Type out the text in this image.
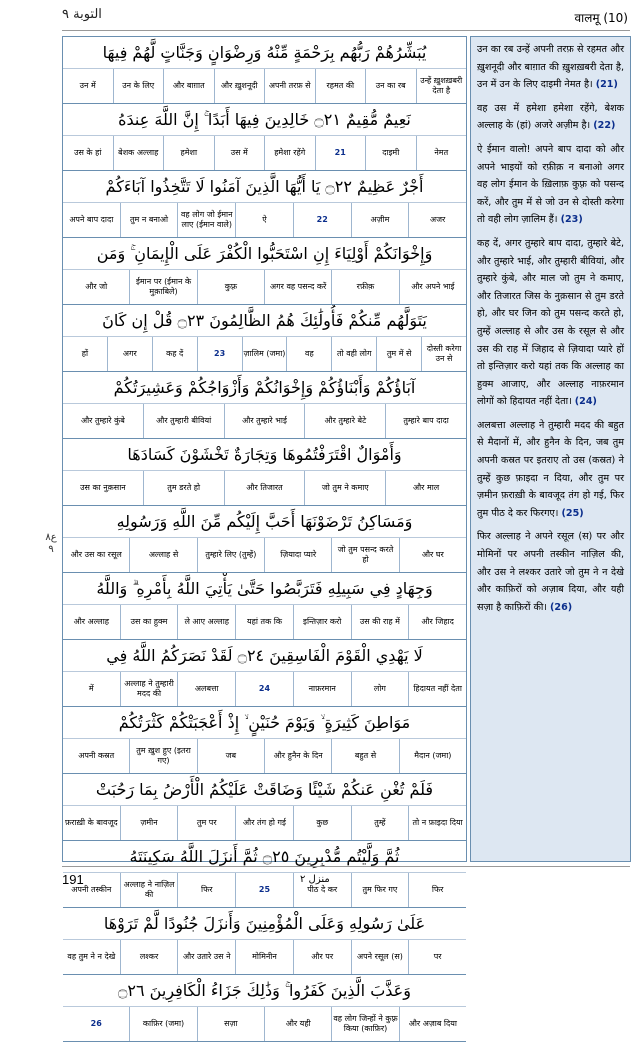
التوبة ٩	वालमू (10)
يُبَشِّرُهُمْ رَبُّهُم بِرَحْمَةٍ مِّنْهُ وَرِضْوَانٍ وَجَنَّاتٍ لَّهُمْ فِيهَا
उन्हें ख़ुशख़बरी देता है
उन का रब
रहमत की
अपनी तरफ़ से
और ख़ुशनूदी
और बाग़ात
उन के लिए
उन में
نَعِيمٌ مُّقِيمٌ ۝٢١ خَالِدِينَ فِيهَا أَبَدًا ۚ إِنَّ اللَّهَ عِندَهُ
नेमत
दाइमी
21
हमेशा रहेंगे
उस में
हमेशा
बेशक अल्लाह
उस के हां
أَجْرٌ عَظِيمٌ ۝٢٢ يَا أَيُّهَا الَّذِينَ آمَنُوا لَا تَتَّخِذُوا آبَاءَكُمْ
अजर
अज़ीम
22
ऐ
वह लोग जो ईमान लाए (ईमान वाले)
तुम न बनाओ
अपने बाप दादा
وَإِخْوَانَكُمْ أَوْلِيَاءَ إِنِ اسْتَحَبُّوا الْكُفْرَ عَلَى الْإِيمَانِ ۚ وَمَن
और अपने भाई
रफ़ीक़
अगर वह पसन्द करें
कुफ़्र
ईमान पर (ईमान के मुक़ाबिले)
और जो
يَتَوَلَّهُم مِّنكُمْ فَأُولَٰئِكَ هُمُ الظَّالِمُونَ ۝٢٣ قُلْ إِن كَانَ
दोस्ती करेगा उन से
तुम में से
तो वही लोग
वह
ज़ालिम (जमा)
23
कह दें
अगर
हों
آبَاؤُكُمْ وَأَبْنَاؤُكُمْ وَإِخْوَانُكُمْ وَأَزْوَاجُكُمْ وَعَشِيرَتُكُمْ
तुम्हारे बाप दादा
और तुम्हारे बेटे
और तुम्हारे भाई
और तुम्हारी बीवियां
और तुम्हारे कुंबे
وَأَمْوَالٌ اقْتَرَفْتُمُوهَا وَتِجَارَةٌ تَخْشَوْنَ كَسَادَهَا
और माल
जो तुम ने कमाए
और तिजारत
तुम डरते हो
उस का नुक़सान
وَمَسَاكِنُ تَرْضَوْنَهَا أَحَبَّ إِلَيْكُم مِّنَ اللَّهِ وَرَسُولِهِ
और घर
जो तुम पसन्द करते हो
ज़ियादा प्यारे
तुम्हारे लिए (तुम्हें)
अल्लाह से
और उस का रसूल
وَجِهَادٍ فِي سَبِيلِهِ فَتَرَبَّصُوا حَتَّىٰ يَأْتِيَ اللَّهُ بِأَمْرِهِ ۗ وَاللَّهُ
और जिहाद
उस की राह में
इन्तिज़ार करो
यहां तक कि
ले आए अल्लाह
उस का हुक्म
और अल्लाह
لَا يَهْدِي الْقَوْمَ الْفَاسِقِينَ ۝٢٤ لَقَدْ نَصَرَكُمُ اللَّهُ فِي
हिदायत नहीं देता
लोग
नाफ़रमान
24
अलबत्ता
अल्लाह ने तुम्हारी मदद की
में
مَوَاطِنَ كَثِيرَةٍ ۙ وَيَوْمَ حُنَيْنٍ ۙ إِذْ أَعْجَبَتْكُمْ كَثْرَتُكُمْ
मैदान (जमा)
बहुत से
और हुनैन के दिन
जब
तुम ख़ुश हुए (इतरा गए)
अपनी कस्रत
فَلَمْ تُغْنِ عَنكُمْ شَيْئًا وَضَاقَتْ عَلَيْكُمُ الْأَرْضُ بِمَا رَحُبَتْ
तो न फ़ाइदा दिया
तुम्हें
कुछ
और तंग हो गई
तुम पर
ज़मीन
फ़राख़ी के बावजूद
ثُمَّ وَلَّيْتُم مُّدْبِرِينَ ۝٢٥ ثُمَّ أَنزَلَ اللَّهُ سَكِينَتَهُ
फिर
तुम फिर गए
पीठ दे कर
25
फिर
अल्लाह ने नाज़िल की
अपनी तस्कीन
عَلَىٰ رَسُولِهِ وَعَلَى الْمُؤْمِنِينَ وَأَنزَلَ جُنُودًا لَّمْ تَرَوْهَا
पर
अपने रसूल (स)
और पर
मोमिनीन
और उतारे उस ने
लश्कर
वह तुम ने न देखे
وَعَذَّبَ الَّذِينَ كَفَرُوا ۚ وَذَٰلِكَ جَزَاءُ الْكَافِرِينَ ۝٢٦
और अज़ाब दिया
वह लोग जिन्हों ने कुफ़्र किया (काफ़िर)
और यही
सज़ा
काफ़िर (जमा)
26
ع٨ ٩

उन का रब उन्हें अपनी तरफ़ से रहमत और ख़ुशनूदी और बाग़ात की ख़ुशख़बरी देता है, उन में उन के लिए दाइमी नेमत है। (21)

वह उस में हमेशा हमेशा रहेंगे, बेशक अल्लाह के (हां) अजरे अज़ीम है। (22)

ऐ ईमान वालो! अपने बाप दादा को और अपने भाइयों को रफ़ीक़ न बनाओ अगर वह लोग ईमान के ख़िलाफ़ कुफ़्र को पसन्द करें, और तुम में से जो उन से दोस्ती करेगा तो वही लोग ज़ालिम हैं। (23)

कह दें, अगर तुम्हारे बाप दादा, तुम्हारे बेटे, और तुम्हारे भाई, और तुम्हारी बीवियां, और तुम्हारे कुंबे, और माल जो तुम ने कमाए, और तिजारत जिस के नुक़सान से तुम डरते हो, और घर जिन को तुम पसन्द करते हो, तुम्हें अल्लाह से और उस के रसूल से और उस की राह में जिहाद से ज़ियादा प्यारे हों तो इन्तिज़ार करो यहां तक कि अल्लाह का हुक्म आजाए, और अल्लाह नाफ़रमान लोगों को हिदायत नहीं देता। (24)

अलबत्ता अल्लाह ने तुम्हारी मदद की बहुत से मैदानों में, और हुनैन के दिन, जब तुम अपनी कस्रत पर इतराए तो उस (कस्रत) ने तुम्हें कुछ फ़ाइदा न दिया, और तुम पर ज़मीन फ़राख़ी के बावजूद तंग हो गई, फिर तुम पीठ दे कर फिरगए। (25)

फिर अल्लाह ने अपने रसूल (स) पर और मोमिनों पर अपनी तस्कीन नाज़िल की, और उस ने लश्कर उतारे जो तुम ने न देखे और काफ़िरों को अज़ाब दिया, और यही सज़ा है काफ़िरों की। (26)

191	منزل ٢
